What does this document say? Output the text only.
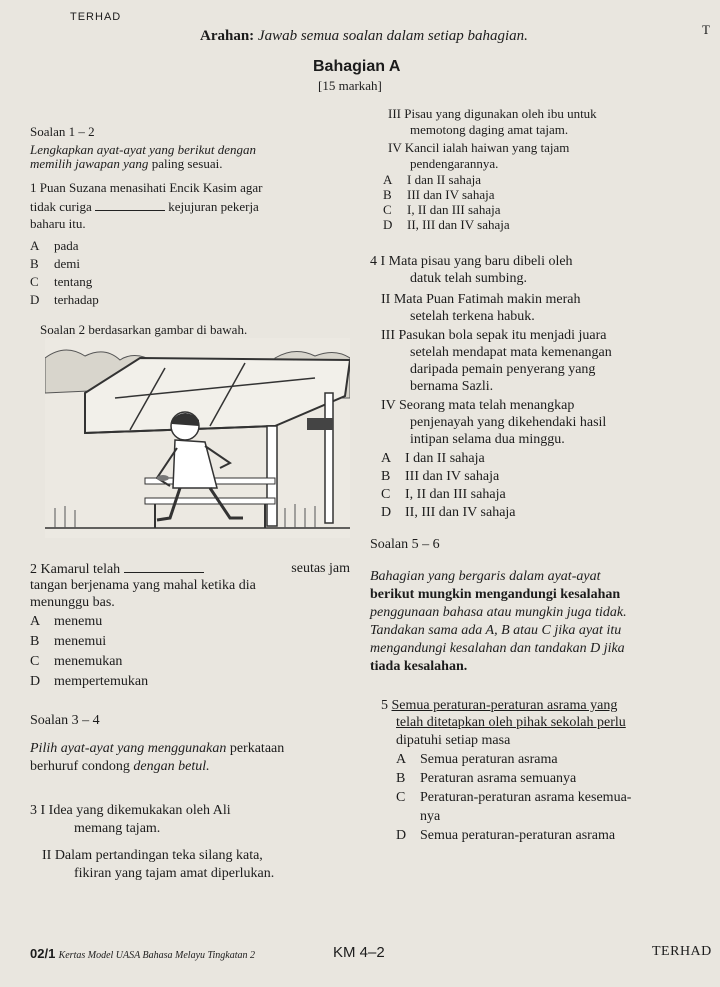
TERHAD
Arahan: Jawab semua soalan dalam setiap bahagian.	T
Bahagian A
[15 markah]
Soalan 1 – 2
Lengkapkan ayat-ayat yang berikut dengan
memilih jawapan yang paling sesuai.
1 Puan Suzana menasihati Encik Kasim agar
tidak curiga	kejujuran pekerja
baharu itu.
A	pada
B	demi
C	tentang
D	terhadap
Soalan 2 berdasarkan gambar di bawah.
2 Kamarul telah	seutas jam
tangan berjenama yang mahal ketika dia
menunggu bas.
A menemu
B	menemui
C	menemukan
D mempertemukan
Soalan 3 – 4
Pilih ayat-ayat yang menggunakan perkataan
berhuruf condong dengan betul.
3 I Idea yang dikemukakan oleh Ali
memang tajam.
II Dalam pertandingan teka silang kata,
fikiran yang tajam amat diperlukan.
III Pisau yang digunakan oleh ibu untuk
memotong daging amat tajam.
IV Kancil ialah haiwan yang tajam
pendengarannya.
A	I dan II sahaja
B	III dan IV sahaja
C	I, II dan III sahaja
D	II, III dan IV sahaja
4 I Mata pisau yang baru dibeli oleh
datuk telah sumbing.
II Mata Puan Fatimah makin merah
setelah terkena habuk.
III Pasukan bola sepak itu menjadi juara
setelah mendapat mata kemenangan
daripada pemain penyerang yang
bernama Sazli.
IV Seorang mata telah menangkap
penjenayah yang dikehendaki hasil
intipan selama dua minggu.
A I dan II sahaja
B	III dan IV sahaja
C	I, II dan III sahaja
D II, III dan IV sahaja
Soalan 5 – 6
Bahagian yang bergaris dalam ayat-ayat
berikut mungkin mengandungi kesalahan
penggunaan bahasa atau mungkin juga tidak.
Tandakan sama ada A, B atau C jika ayat itu
mengandungi kesalahan dan tandakan D jika
tiada kesalahan.
5 Semua peraturan-peraturan asrama yang
telah ditetapkan oleh pihak sekolah perlu
dipatuhi setiap masa
A Semua peraturan asrama
B	Peraturan asrama semuanya
C	Peraturan-peraturan asrama kesemua-
nya
D Semua peraturan-peraturan asrama
02/1 Kertas Model UASA Bahasa Melayu Tingkatan 2	KM 4–2	TERHAD
